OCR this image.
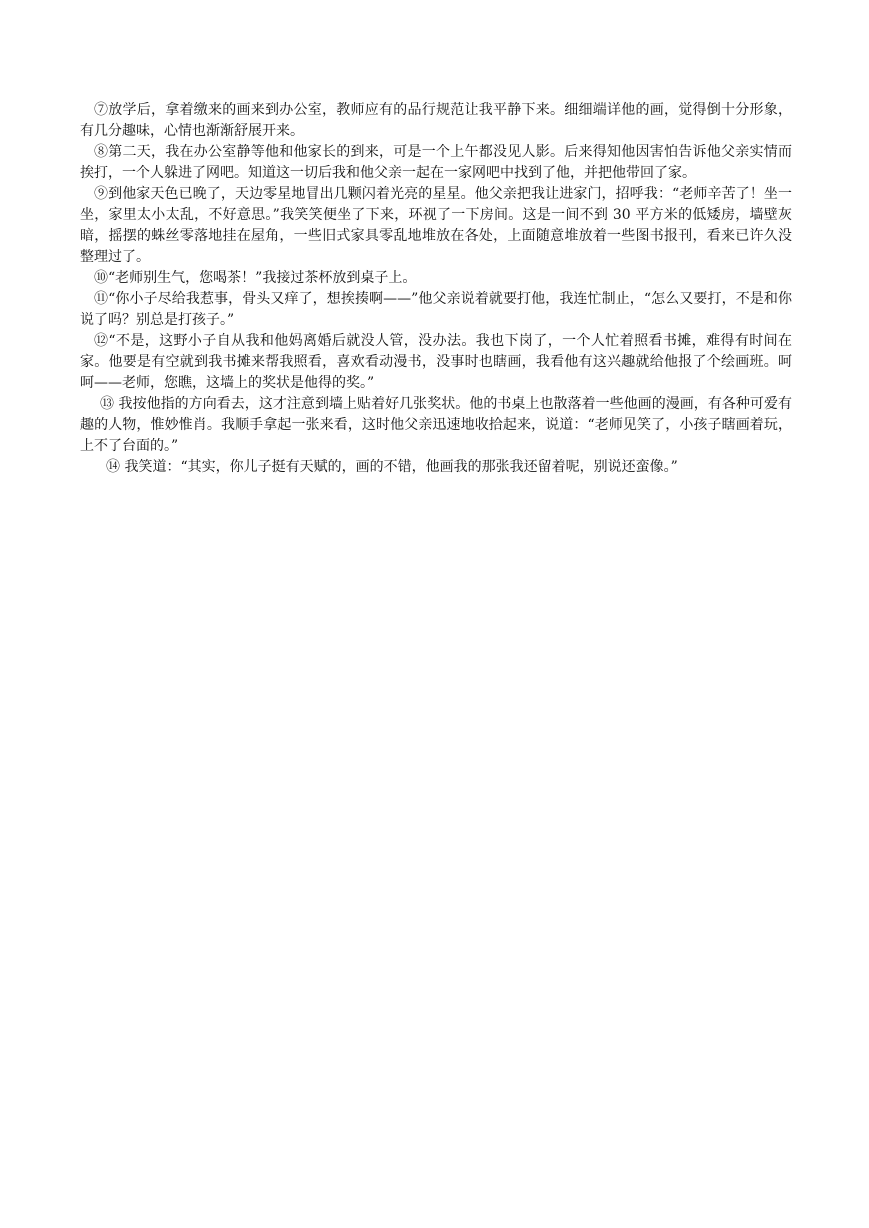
⑦放学后，拿着缴来的画来到办公室，教师应有的品行规范让我平静下来。细细端详他的画，觉得倒十分形象，有几分趣味，心情也渐渐舒展开来。

⑧第二天，我在办公室静等他和他家长的到来，可是一个上午都没见人影。后来得知他因害怕告诉他父亲实情而挨打，一个人躲进了网吧。知道这一切后我和他父亲一起在一家网吧中找到了他，并把他带回了家。

⑨到他家天色已晚了，天边零星地冒出几颗闪着光亮的星星。他父亲把我让进家门，招呼我：“老师辛苦了！坐一坐，家里太小太乱，不好意思。”我笑笑便坐了下来，环视了一下房间。这是一间不到 30 平方米的低矮房，墙壁灰暗，摇摆的蛛丝零落地挂在屋角，一些旧式家具零乱地堆放在各处，上面随意堆放着一些图书报刊，看来已许久没整理过了。

⑩“老师别生气，您喝茶！”我接过茶杯放到桌子上。

⑪“你小子尽给我惹事，骨头又痒了，想挨揍啊——”他父亲说着就要打他，我连忙制止，“怎么又要打，不是和你说了吗？别总是打孩子。”

⑫“不是，这野小子自从我和他妈离婚后就没人管，没办法。我也下岗了，一个人忙着照看书摊，难得有时间在家。他要是有空就到我书摊来帮我照看，喜欢看动漫书，没事时也瞎画，我看他有这兴趣就给他报了个绘画班。呵呵——老师，您瞧，这墙上的奖状是他得的奖。”

⑬ 我按他指的方向看去，这才注意到墙上贴着好几张奖状。他的书桌上也散落着一些他画的漫画，有各种可爱有趣的人物，惟妙惟肖。我顺手拿起一张来看，这时他父亲迅速地收拾起来，说道：“老师见笑了，小孩子瞎画着玩，上不了台面的。”

⑭ 我笑道：“其实，你儿子挺有天赋的，画的不错，他画我的那张我还留着呢，别说还蛮像。”
